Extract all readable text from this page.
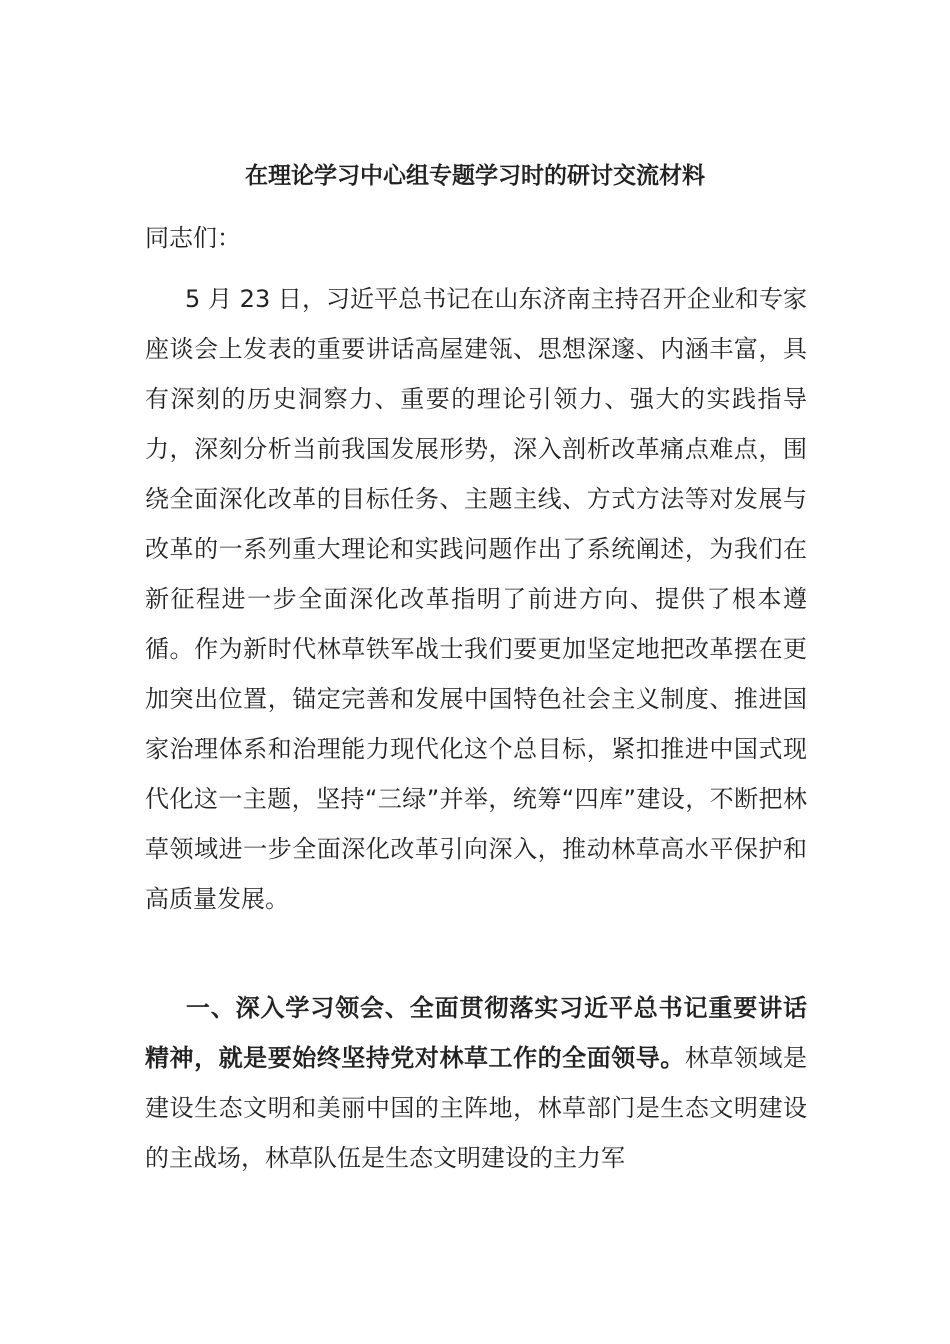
在理论学习中心组专题学习时的研讨交流材料

同志们：

5 月 23 日，习近平总书记在山东济南主持召开企业和专家座谈会上发表的重要讲话高屋建瓴、思想深邃、内涵丰富，具有深刻的历史洞察力、重要的理论引领力、强大的实践指导力，深刻分析当前我国发展形势，深入剖析改革痛点难点，围绕全面深化改革的目标任务、主题主线、方式方法等对发展与改革的一系列重大理论和实践问题作出了系统阐述，为我们在新征程进一步全面深化改革指明了前进方向、提供了根本遵循。作为新时代林草铁军战士我们要更加坚定地把改革摆在更加突出位置，锚定完善和发展中国特色社会主义制度、推进国家治理体系和治理能力现代化这个总目标，紧扣推进中国式现代化这一主题，坚持“三绿”并举，统筹“四库”建设，不断把林草领域进一步全面深化改革引向深入，推动林草高水平保护和高质量发展。

一、深入学习领会、全面贯彻落实习近平总书记重要讲话精神，就是要始终坚持党对林草工作的全面领导。林草领域是建设生态文明和美丽中国的主阵地，林草部门是生态文明建设的主战场，林草队伍是生态文明建设的主力军
